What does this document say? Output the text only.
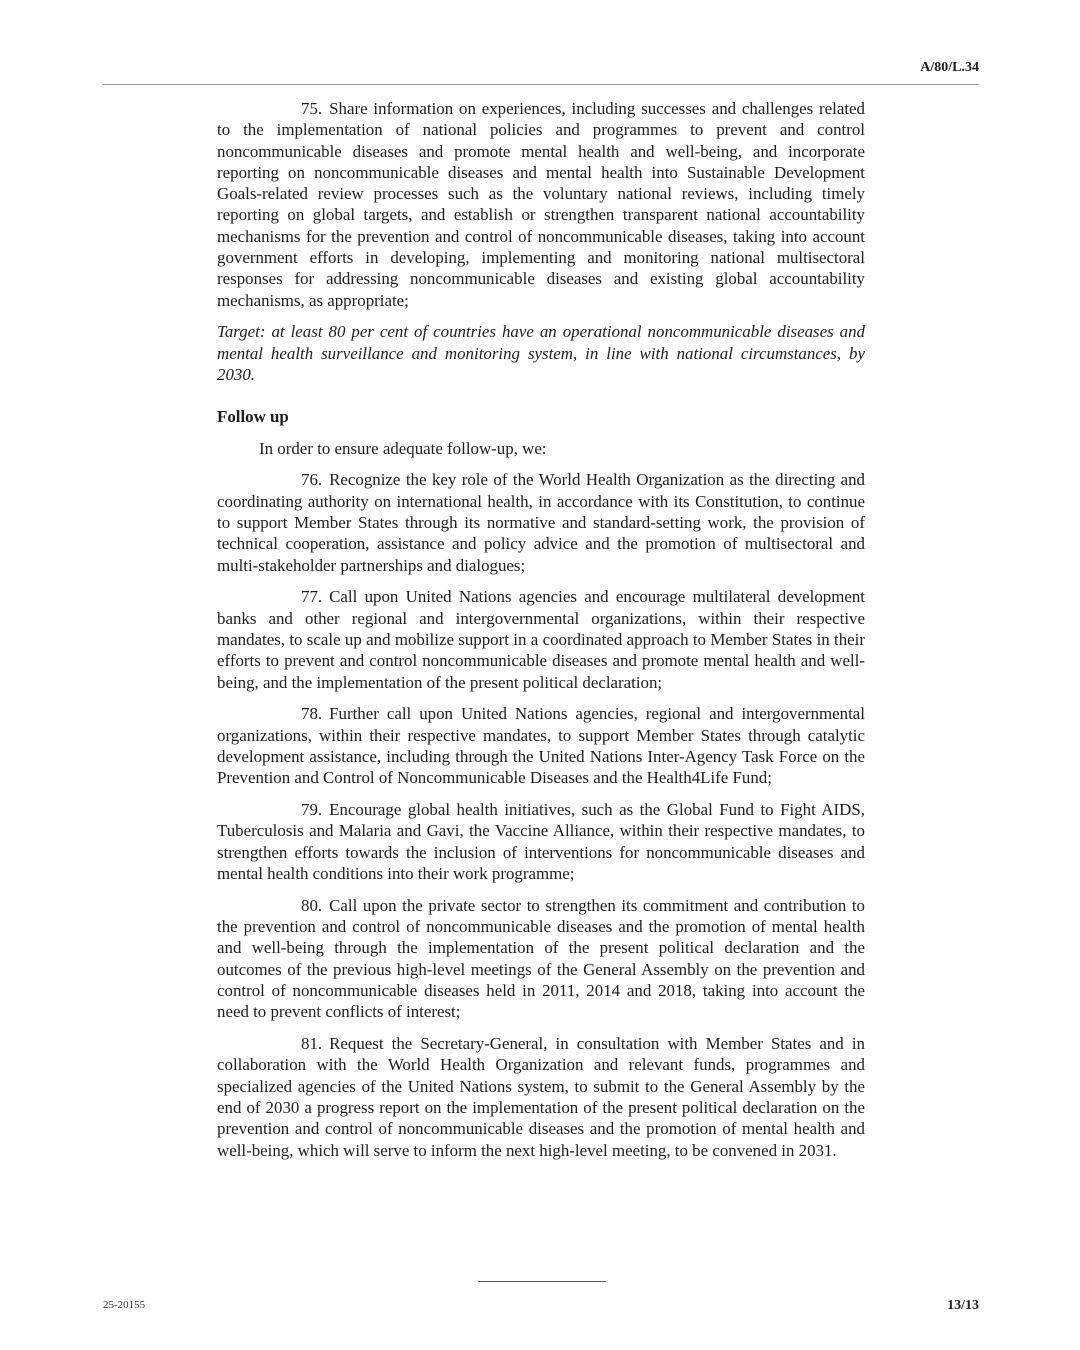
A/80/L.34

75. Share information on experiences, including successes and challenges related to the implementation of national policies and programmes to prevent and control noncommunicable diseases and promote mental health and well-being, and incorporate reporting on noncommunicable diseases and mental health into Sustainable Development Goals-related review processes such as the voluntary national reviews, including timely reporting on global targets, and establish or strengthen transparent national accountability mechanisms for the prevention and control of noncommunicable diseases, taking into account government efforts in developing, implementing and monitoring national multisectoral responses for addressing noncommunicable diseases and existing global accountability mechanisms, as appropriate;

Target: at least 80 per cent of countries have an operational noncommunicable diseases and mental health surveillance and monitoring system, in line with national circumstances, by 2030.

Follow up

In order to ensure adequate follow-up, we:

76. Recognize the key role of the World Health Organization as the directing and coordinating authority on international health, in accordance with its Constitution, to continue to support Member States through its normative and standard-setting work, the provision of technical cooperation, assistance and policy advice and the promotion of multisectoral and multi-stakeholder partnerships and dialogues;

77. Call upon United Nations agencies and encourage multilateral development banks and other regional and intergovernmental organizations, within their respective mandates, to scale up and mobilize support in a coordinated approach to Member States in their efforts to prevent and control noncommunicable diseases and promote mental health and well-being, and the implementation of the present political declaration;

78. Further call upon United Nations agencies, regional and intergovernmental organizations, within their respective mandates, to support Member States through catalytic development assistance, including through the United Nations Inter-Agency Task Force on the Prevention and Control of Noncommunicable Diseases and the Health4Life Fund;

79. Encourage global health initiatives, such as the Global Fund to Fight AIDS, Tuberculosis and Malaria and Gavi, the Vaccine Alliance, within their respective mandates, to strengthen efforts towards the inclusion of interventions for noncommunicable diseases and mental health conditions into their work programme;

80. Call upon the private sector to strengthen its commitment and contribution to the prevention and control of noncommunicable diseases and the promotion of mental health and well-being through the implementation of the present political declaration and the outcomes of the previous high-level meetings of the General Assembly on the prevention and control of noncommunicable diseases held in 2011, 2014 and 2018, taking into account the need to prevent conflicts of interest;

81. Request the Secretary-General, in consultation with Member States and in collaboration with the World Health Organization and relevant funds, programmes and specialized agencies of the United Nations system, to submit to the General Assembly by the end of 2030 a progress report on the implementation of the present political declaration on the prevention and control of noncommunicable diseases and the promotion of mental health and well-being, which will serve to inform the next high-level meeting, to be convened in 2031.

25-20155	13/13
